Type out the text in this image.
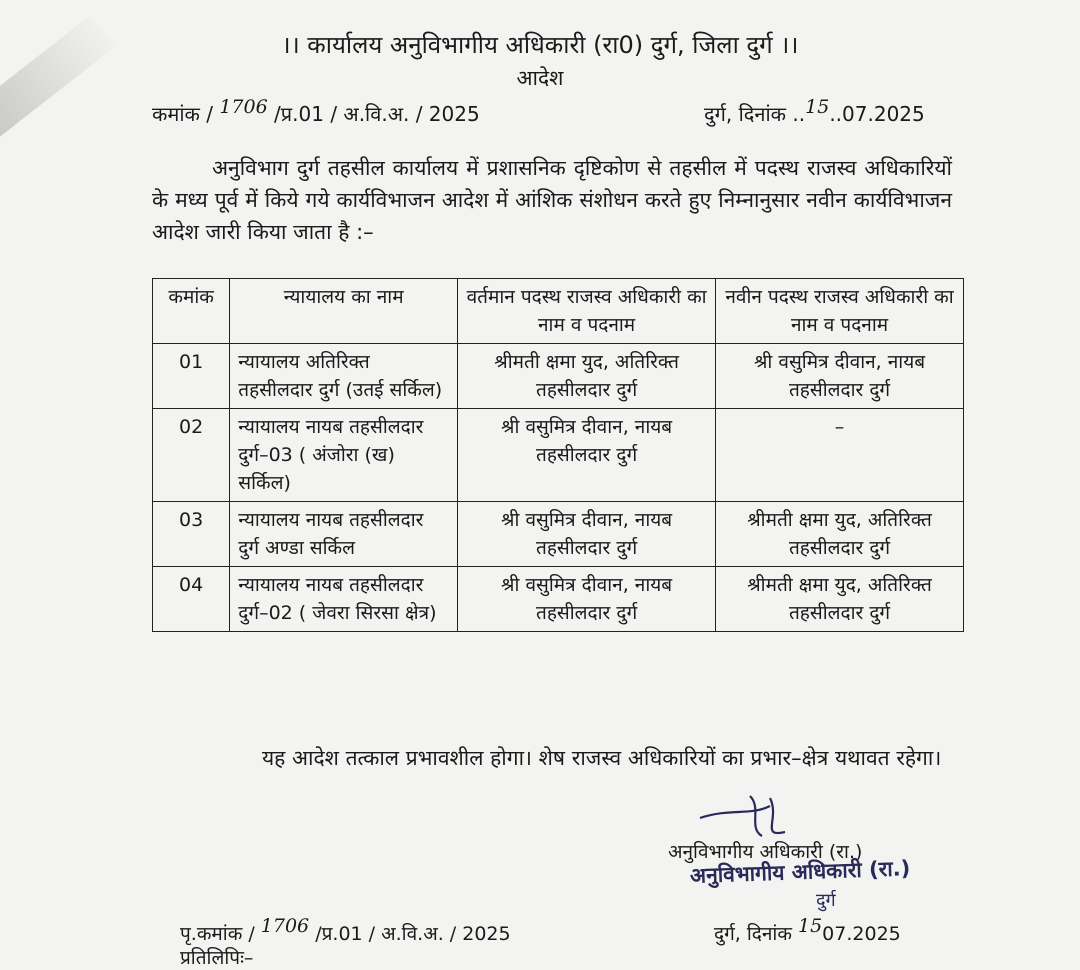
।। कार्यालय अनुविभागीय अधिकारी (रा0) दुर्ग, जिला दुर्ग ।।
आदेश
कमांक / 1706 /प्र.01 / अ.वि.अ. / 2025	दुर्ग, दिनांक ..15..07.2025
अनुविभाग दुर्ग तहसील कार्यालय में प्रशासनिक दृष्टिकोण से तहसील में पदस्थ राजस्व अधिकारियों के मध्य पूर्व में किये गये कार्यविभाजन आदेश में आंशिक संशोधन करते हुए निम्नानुसार नवीन कार्यविभाजन आदेश जारी किया जाता है :–
कमांक	न्यायालय का नाम	वर्तमान पदस्थ राजस्व अधिकारी का नाम व पदनाम	नवीन पदस्थ राजस्व अधिकारी का नाम व पदनाम
01	न्यायालय अतिरिक्त तहसीलदार दुर्ग (उतई सर्किल)	श्रीमती क्षमा युद, अतिरिक्त तहसीलदार दुर्ग	श्री वसुमित्र दीवान, नायब तहसीलदार दुर्ग
02	न्यायालय नायब तहसीलदार दुर्ग–03 ( अंजोरा (ख) सर्किल)	श्री वसुमित्र दीवान, नायब तहसीलदार दुर्ग	–
03	न्यायालय नायब तहसीलदार दुर्ग अण्डा सर्किल	श्री वसुमित्र दीवान, नायब तहसीलदार दुर्ग	श्रीमती क्षमा युद, अतिरिक्त तहसीलदार दुर्ग
04	न्यायालय नायब तहसीलदार दुर्ग–02 ( जेवरा सिरसा क्षेत्र)	श्री वसुमित्र दीवान, नायब तहसीलदार दुर्ग	श्रीमती क्षमा युद, अतिरिक्त तहसीलदार दुर्ग
यह आदेश तत्काल प्रभावशील होगा। शेष राजस्व अधिकारियों का प्रभार–क्षेत्र यथावत रहेगा।
अनुविभागीय अधिकारी (रा.)
अनुविभागीय अधिकारी (रा.)
दुर्ग
पृ.कमांक / 1706 /प्र.01 / अ.वि.अ. / 2025	दुर्ग, दिनांक 1507.2025
प्रतिलिपिः–
